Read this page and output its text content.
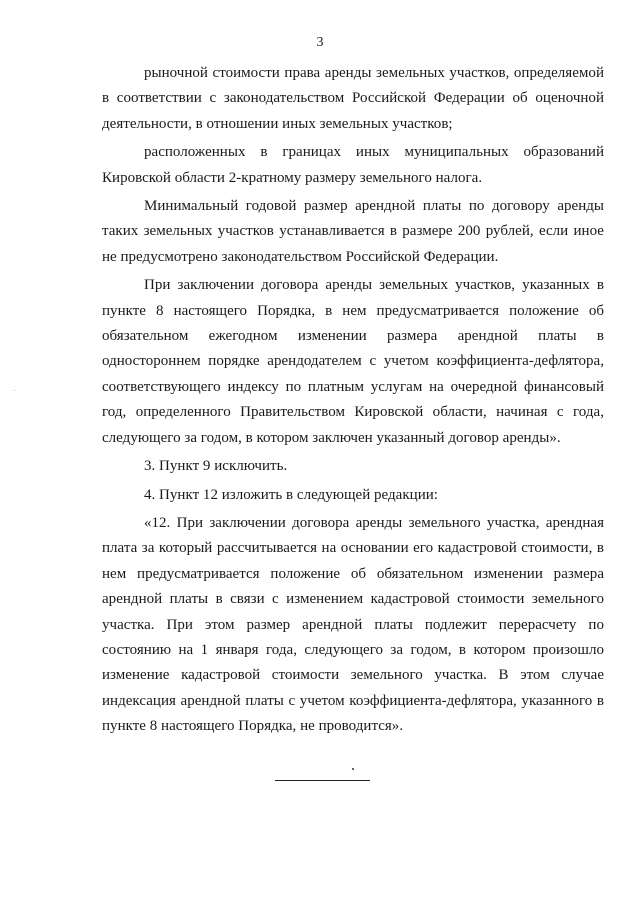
3

рыночной стоимости права аренды земельных участков, определяемой в соответствии с законодательством Российской Федерации об оценочной деятельности, в отношении иных земельных участков;

расположенных в границах иных муниципальных образований Кировской области 2-кратному размеру земельного налога.

Минимальный годовой размер арендной платы по договору аренды таких земельных участков устанавливается в размере 200 рублей, если иное не предусмотрено законодательством Российской Федерации.

При заключении договора аренды земельных участков, указанных в пункте 8 настоящего Порядка, в нем предусматривается положение об обязательном ежегодном изменении размера арендной платы в одностороннем порядке арендодателем с учетом коэффициента-дефлятора, соответствующего индексу по платным услугам на очередной финансовый год, определенного Правительством Кировской области, начиная с года, следующего за годом, в котором заключен указанный договор аренды».

3. Пункт 9 исключить.

4. Пункт 12 изложить в следующей редакции:

«12. При заключении договора аренды земельного участка, арендная плата за который рассчитывается на основании его кадастровой стоимости, в нем предусматривается положение об обязательном изменении размера арендной платы в связи с изменением кадастровой стоимости земельного участка. При этом размер арендной платы подлежит перерасчету по состоянию на 1 января года, следующего за годом, в котором произошло изменение кадастровой стоимости земельного участка. В этом случае индексация арендной платы с учетом коэффициента-дефлятора, указанного в пункте 8 настоящего Порядка, не проводится».
